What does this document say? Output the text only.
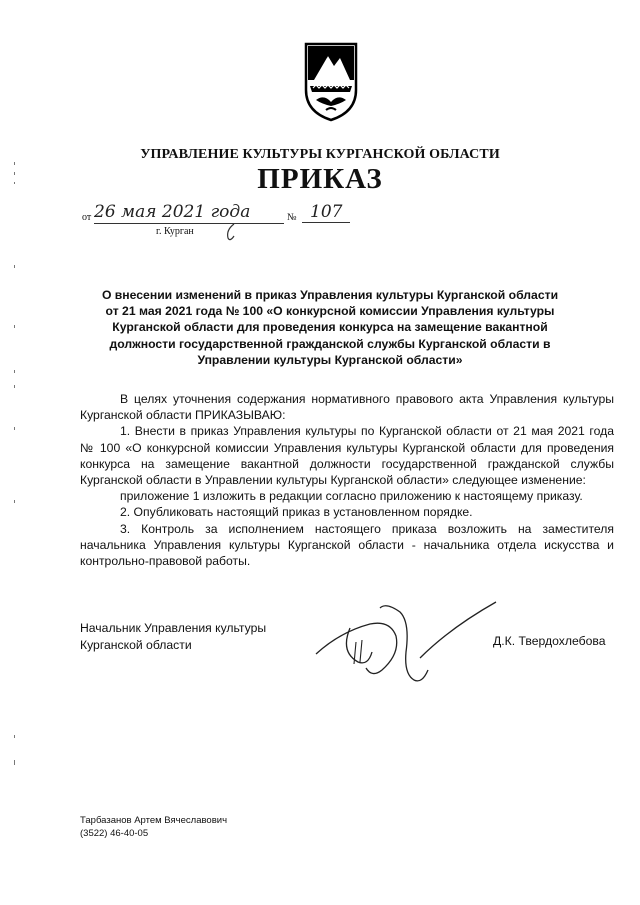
УПРАВЛЕНИЕ КУЛЬТУРЫ КУРГАНСКОЙ ОБЛАСТИ
ПРИКАЗ
от 26 мая 2021 года	№ 107
г. Курган
О внесении изменений в приказ Управления культуры Курганской области от 21 мая 2021 года № 100 «О конкурсной комиссии Управления культуры Курганской области для проведения конкурса на замещение вакантной должности государственной гражданской службы Курганской области в Управлении культуры Курганской области»

В целях уточнения содержания нормативного правового акта Управления культуры Курганской области ПРИКАЗЫВАЮ:

1. Внести в приказ Управления культуры по Курганской области от 21 мая 2021 года № 100 «О конкурсной комиссии Управления культуры Курганской области для проведения конкурса на замещение вакантной должности государственной гражданской службы Курганской области в Управлении культуры Курганской области» следующее изменение:

приложение 1 изложить в редакции согласно приложению к настоящему приказу.

2. Опубликовать настоящий приказ в установленном порядке.

3. Контроль за исполнением настоящего приказа возложить на заместителя начальника Управления культуры Курганской области - начальника отдела искусства и контрольно-правовой работы.

Начальник Управления культуры
Курганской области	Д.К. Твердохлебова
Тарбазанов Артем Вячеславович
(3522) 46-40-05
